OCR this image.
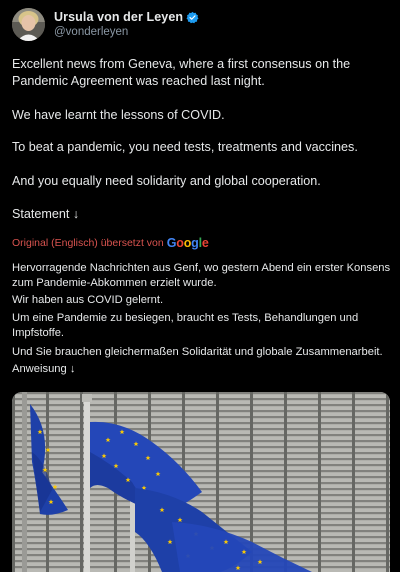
Ursula von der Leyen
@vonderleyen

Excellent news from Geneva, where a first consensus on the Pandemic Agreement was reached last night.

We have learnt the lessons of COVID.

To beat a pandemic, you need tests, treatments and vaccines.

And you equally need solidarity and global cooperation.

Statement ↓

Original (Englisch) übersetzt von Google
Hervorragende Nachrichten aus Genf, wo gestern Abend ein erster Konsens zum Pandemie-Abkommen erzielt wurde.
Wir haben aus COVID gelernt.
Um eine Pandemie zu besiegen, braucht es Tests, Behandlungen und Impfstoffe.
Und Sie brauchen gleichermaßen Solidarität und globale Zusammenarbeit.
Anweisung ↓
